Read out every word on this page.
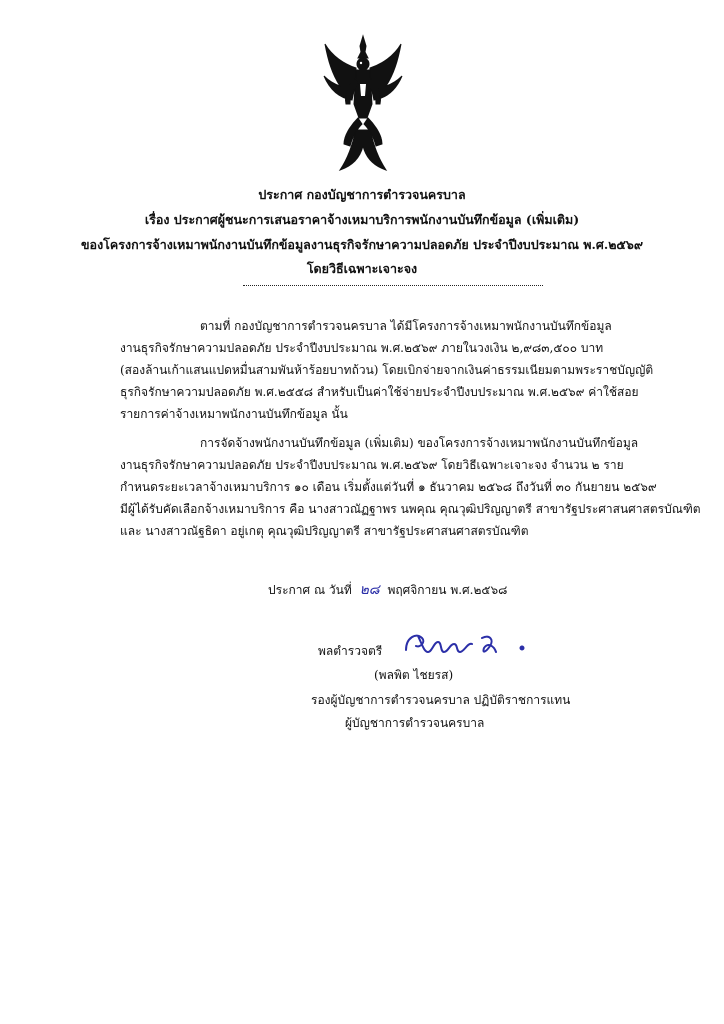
ประกาศ กองบัญชาการตำรวจนครบาล
เรื่อง ประกาศผู้ชนะการเสนอราคาจ้างเหมาบริการพนักงานบันทึกข้อมูล (เพิ่มเติม)
ของโครงการจ้างเหมาพนักงานบันทึกข้อมูลงานธุรกิจรักษาความปลอดภัย ประจำปีงบประมาณ พ.ศ.๒๕๖๙
โดยวิธีเฉพาะเจาะจง
ตามที่ กองบัญชาการตำรวจนครบาล ได้มีโครงการจ้างเหมาพนักงานบันทึกข้อมูล
งานธุรกิจรักษาความปลอดภัย ประจำปีงบประมาณ พ.ศ.๒๕๖๙ ภายในวงเงิน ๒,๙๘๓,๕๐๐ บาท
(สองล้านเก้าแสนแปดหมื่นสามพันห้าร้อยบาทถ้วน) โดยเบิกจ่ายจากเงินค่าธรรมเนียมตามพระราชบัญญัติ
ธุรกิจรักษาความปลอดภัย พ.ศ.๒๕๕๘ สำหรับเป็นค่าใช้จ่ายประจำปีงบประมาณ พ.ศ.๒๕๖๙ ค่าใช้สอย
รายการค่าจ้างเหมาพนักงานบันทึกข้อมูล นั้น
การจัดจ้างพนักงานบันทึกข้อมูล (เพิ่มเติม) ของโครงการจ้างเหมาพนักงานบันทึกข้อมูล
งานธุรกิจรักษาความปลอดภัย ประจำปีงบประมาณ พ.ศ.๒๕๖๙ โดยวิธีเฉพาะเจาะจง จำนวน ๒ ราย
กำหนดระยะเวลาจ้างเหมาบริการ ๑๐ เดือน เริ่มตั้งแต่วันที่ ๑ ธันวาคม ๒๕๖๘ ถึงวันที่ ๓๐ กันยายน ๒๕๖๙
มีผู้ได้รับคัดเลือกจ้างเหมาบริการ คือ นางสาวณัฏฐาพร นพคุณ คุณวุฒิปริญญาตรี สาขารัฐประศาสนศาสตรบัณฑิต
และ นางสาวณัฐธิดา อยู่เกตุ คุณวุฒิปริญญาตรี สาขารัฐประศาสนศาสตรบัณฑิต
ประกาศ ณ วันที่ ๒๘ พฤศจิกายน พ.ศ.๒๕๖๘
พลตำรวจตรี
(พลพิต ไชยรส)
รองผู้บัญชาการตำรวจนครบาล ปฏิบัติราชการแทน
ผู้บัญชาการตำรวจนครบาล
